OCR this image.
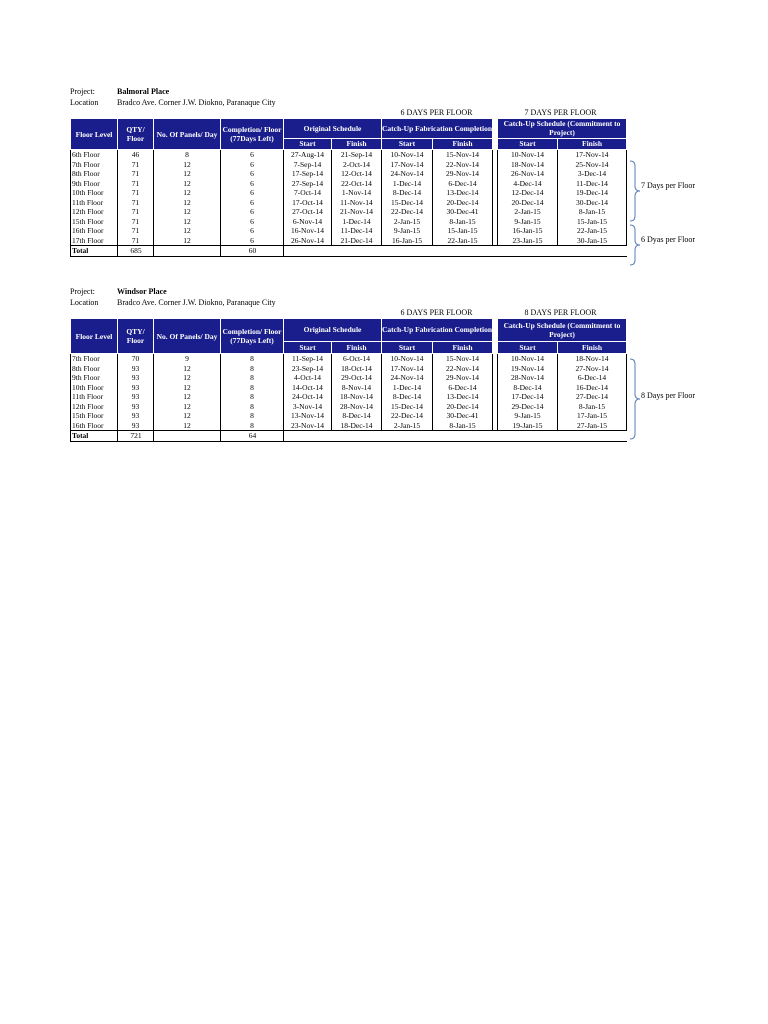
Project:	Balmoral Place
Location Bradco Ave. Corner J.W. Diokno, Paranaque City
6 DAYS PER FLOOR	7 DAYS PER FLOOR
Floor Level	QTY/ Floor	No. Of Panels/ Day	Completion/ Floor (77Days Left)	Original Schedule		Catch-Up Fabrication Completion			Catch-Up Schedule (Commitment to Project)	
				Start	Finish	Start	Finish		Start	Finish
6th Floor	46	8	6	27-Aug-14	21-Sep-14	10-Nov-14	15-Nov-14		10-Nov-14	17-Nov-14
7th Floor	71	12	6	7-Sep-14	2-Oct-14	17-Nov-14	22-Nov-14		18-Nov-14	25-Nov-14
8th Floor	71	12	6	17-Sep-14	12-Oct-14	24-Nov-14	29-Nov-14		26-Nov-14	3-Dec-14
9th Floor	71	12	6	27-Sep-14	22-Oct-14	1-Dec-14	6-Dec-14		4-Dec-14	11-Dec-14
10th Floor	71	12	6	7-Oct-14	1-Nov-14	8-Dec-14	13-Dec-14		12-Dec-14	19-Dec-14
11th Floor	71	12	6	17-Oct-14	11-Nov-14	15-Dec-14	20-Dec-14		20-Dec-14	30-Dec-14
12th Floor	71	12	6	27-Oct-14	21-Nov-14	22-Dec-14	30-Dec-41		2-Jan-15	8-Jan-15
15th Floor	71	12	6	6-Nov-14	1-Dec-14	2-Jan-15	8-Jan-15		9-Jan-15	15-Jan-15
16th Floor	71	12	6	16-Nov-14	11-Dec-14	9-Jan-15	15-Jan-15		16-Jan-15	22-Jan-15
17th Floor	71	12	6	26-Nov-14	21-Dec-14	16-Jan-15	22-Jan-15		23-Jan-15	30-Jan-15
Total	685		60							
7 Days per Floor
6 Dyas per Floor
Project:	Windsor Place
Location Bradco Ave. Corner J.W. Diokno, Paranaque City
6 DAYS PER FLOOR	8 DAYS PER FLOOR
Floor Level	QTY/ Floor	No. Of Panels/ Day	Completion/ Floor (77Days Left)	Original Schedule		Catch-Up Fabrication Completion			Catch-Up Schedule (Commitment to Project)	
				Start	Finish	Start	Finish		Start	Finish
7th Floor	70	9	8	11-Sep-14	6-Oct-14	10-Nov-14	15-Nov-14		10-Nov-14	18-Nov-14
8th Floor	93	12	8	23-Sep-14	18-Oct-14	17-Nov-14	22-Nov-14		19-Nov-14	27-Nov-14
9th Floor	93	12	8	4-Oct-14	29-Oct-14	24-Nov-14	29-Nov-14		28-Nov-14	6-Dec-14
10th Floor	93	12	8	14-Oct-14	8-Nov-14	1-Dec-14	6-Dec-14		8-Dec-14	16-Dec-14
11th Floor	93	12	8	24-Oct-14	18-Nov-14	8-Dec-14	13-Dec-14		17-Dec-14	27-Dec-14
12th Floor	93	12	8	3-Nov-14	28-Nov-14	15-Dec-14	20-Dec-14		29-Dec-14	8-Jan-15
15th Floor	93	12	8	13-Nov-14	8-Dec-14	22-Dec-14	30-Dec-41		9-Jan-15	17-Jan-15
16th Floor	93	12	8	23-Nov-14	18-Dec-14	2-Jan-15	8-Jan-15		19-Jan-15	27-Jan-15
Total	721		64							
8 Days per Floor
